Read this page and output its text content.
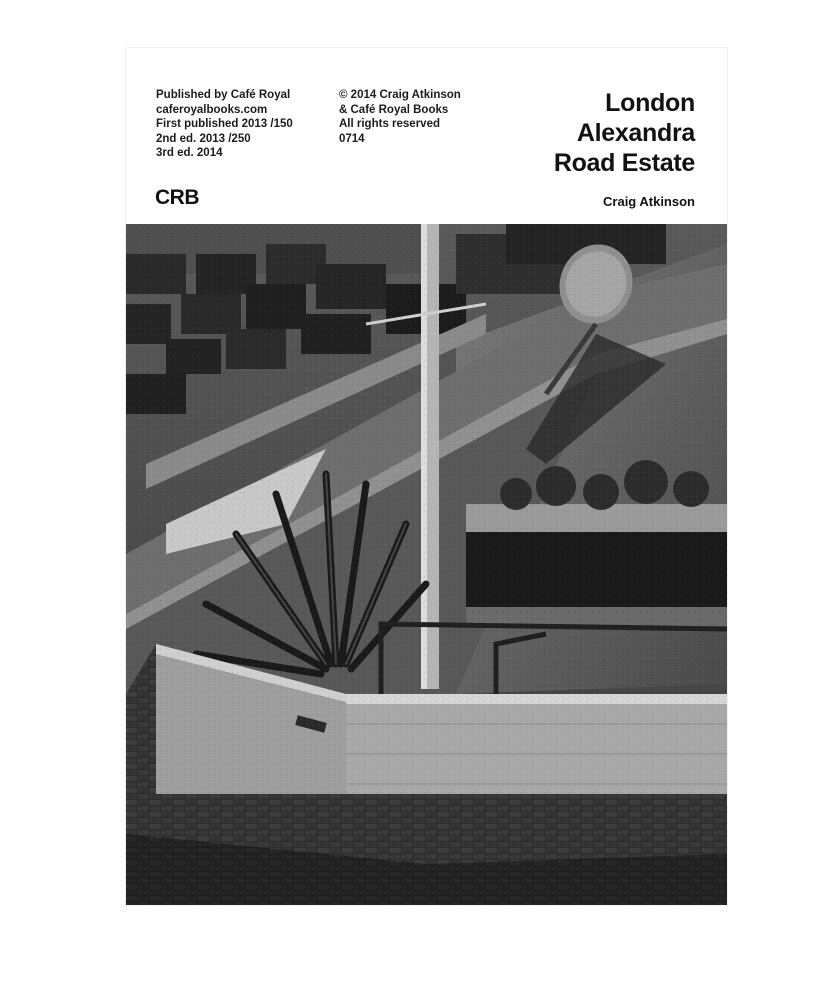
Published by Café Royal
caferoyalbooks.com
First published 2013 /150
2nd ed. 2013 /250
3rd ed. 2014
© 2014 Craig Atkinson
& Café Royal Books
All rights reserved
0714
London
Alexandra
Road Estate
CRB	Craig Atkinson
